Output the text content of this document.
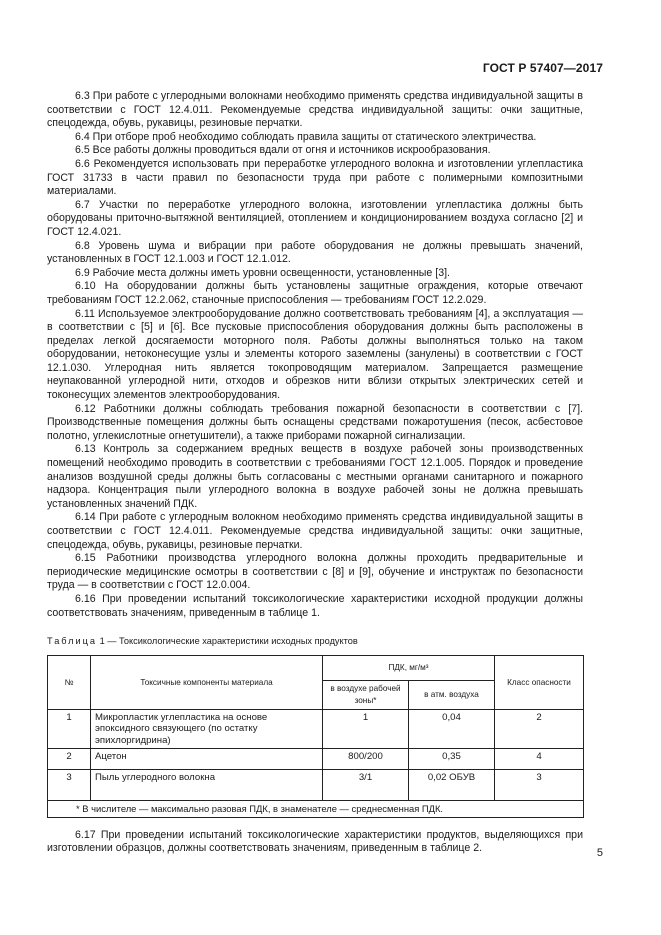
ГОСТ Р 57407—2017

6.3 При работе с углеродными волокнами необходимо применять средства индивидуальной защиты в соответствии с ГОСТ 12.4.011. Рекомендуемые средства индивидуальной защиты: очки защитные, спецодежда, обувь, рукавицы, резиновые перчатки.

6.4 При отборе проб необходимо соблюдать правила защиты от статического электричества.

6.5 Все работы должны проводиться вдали от огня и источников искрообразования.

6.6 Рекомендуется использовать при переработке углеродного волокна и изготовлении углепластика ГОСТ 31733 в части правил по безопасности труда при работе с полимерными композитными материалами.

6.7 Участки по переработке углеродного волокна, изготовлении углепластика должны быть оборудованы приточно-вытяжной вентиляцией, отоплением и кондиционированием воздуха согласно [2] и ГОСТ 12.4.021.

6.8 Уровень шума и вибрации при работе оборудования не должны превышать значений, установленных в ГОСТ 12.1.003 и ГОСТ 12.1.012.

6.9 Рабочие места должны иметь уровни освещенности, установленные [3].

6.10 На оборудовании должны быть установлены защитные ограждения, которые отвечают требованиям ГОСТ 12.2.062, станочные приспособления — требованиям ГОСТ 12.2.029.

6.11 Используемое электрооборудование должно соответствовать требованиям [4], а эксплуатация — в соответствии с [5] и [6]. Все пусковые приспособления оборудования должны быть расположены в пределах легкой досягаемости моторного поля. Работы должны выполняться только на таком оборудовании, нетоконесущие узлы и элементы которого заземлены (занулены) в соответствии с ГОСТ 12.1.030. Углеродная нить является токопроводящим материалом. Запрещается размещение неупакованной углеродной нити, отходов и обрезков нити вблизи открытых электрических сетей и токонесущих элементов электрооборудования.

6.12 Работники должны соблюдать требования пожарной безопасности в соответствии с [7]. Производственные помещения должны быть оснащены средствами пожаротушения (песок, асбестовое полотно, углекислотные огнетушители), а также приборами пожарной сигнализации.

6.13 Контроль за содержанием вредных веществ в воздухе рабочей зоны производственных помещений необходимо проводить в соответствии с требованиями ГОСТ 12.1.005. Порядок и проведение анализов воздушной среды должны быть согласованы с местными органами санитарного и пожарного надзора. Концентрация пыли углеродного волокна в воздухе рабочей зоны не должна превышать установленных значений ПДК.

6.14 При работе с углеродным волокном необходимо применять средства индивидуальной защиты в соответствии с ГОСТ 12.4.011. Рекомендуемые средства индивидуальной защиты: очки защитные, спецодежда, обувь, рукавицы, резиновые перчатки.

6.15 Работники производства углеродного волокна должны проходить предварительные и периодические медицинские осмотры в соответствии с [8] и [9], обучение и инструктаж по безопасности труда — в соответствии с ГОСТ 12.0.004.

6.16 При проведении испытаний токсикологические характеристики исходной продукции должны соответствовать значениям, приведенным в таблице 1.

Таблица 1 — Токсикологические характеристики исходных продуктов
№	Токсичные компоненты материала	ПДК, мг/м³		Класс опасности
		в воздухе рабочей зоны*	в атм. воздуха	
1	Микропластик углепластика на основе эпоксидного связующего (по остатку эпихлоргидрина)	1	0,04	2
2	Ацетон	800/200	0,35	4
3	Пыль углеродного волокна	3/1	0,02 ОБУВ	3
* В числителе — максимально разовая ПДК, в знаменателе — среднесменная ПДК.				

6.17 При проведении испытаний токсикологические характеристики продуктов, выделяющихся при изготовлении образцов, должны соответствовать значениям, приведенным в таблице 2.	5
